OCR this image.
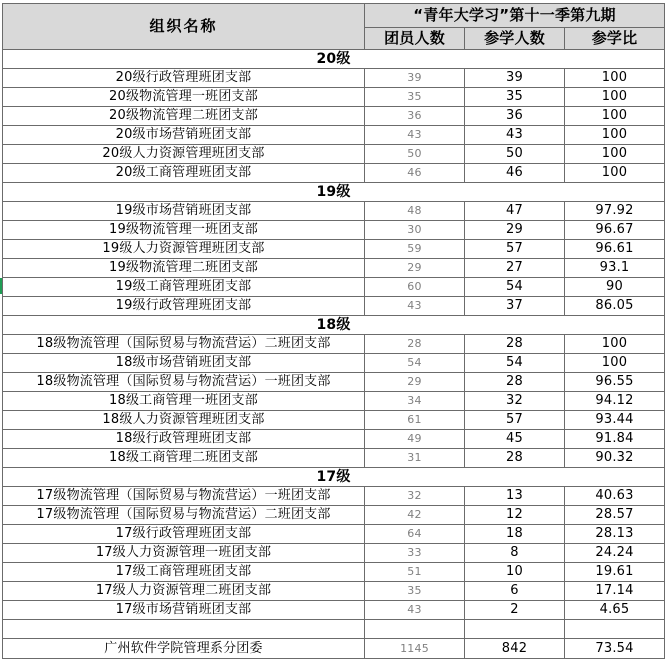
组织名称	“青年大学习”第十一季第九期		
	团员人数	参学人数	参学比
20级			
20级行政管理班团支部	39	39	100
20级物流管理一班团支部	35	35	100
20级物流管理二班团支部	36	36	100
20级市场营销班团支部	43	43	100
20级人力资源管理班团支部	50	50	100
20级工商管理班团支部	46	46	100
19级			
19级市场营销班团支部	48	47	97.92
19级物流管理一班团支部	30	29	96.67
19级人力资源管理班团支部	59	57	96.61
19级物流管理二班团支部	29	27	93.1
19级工商管理班团支部	60	54	90
19级行政管理班团支部	43	37	86.05
18级			
18级物流管理（国际贸易与物流营运）二班团支部	28	28	100
18级市场营销班团支部	54	54	100
18级物流管理（国际贸易与物流营运）一班团支部	29	28	96.55
18级工商管理一班团支部	34	32	94.12
18级人力资源管理班团支部	61	57	93.44
18级行政管理班团支部	49	45	91.84
18级工商管理二班团支部	31	28	90.32
17级			
17级物流管理（国际贸易与物流营运）一班团支部	32	13	40.63
17级物流管理（国际贸易与物流营运）二班团支部	42	12	28.57
17级行政管理班团支部	64	18	28.13
17级人力资源管理一班团支部	33	8	24.24
17级工商管理班团支部	51	10	19.61
17级人力资源管理二班团支部	35	6	17.14
17级市场营销班团支部	43	2	4.65

广州软件学院管理系分团委	1145	842	73.54
